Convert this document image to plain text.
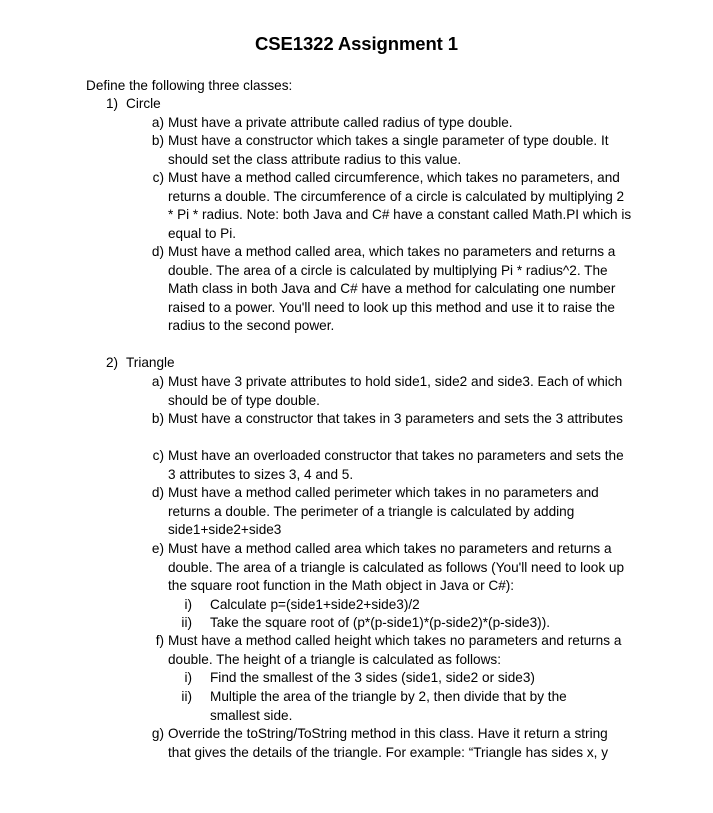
CSE1322 Assignment 1
Define the following three classes:
1) Circle
a) Must have a private attribute called radius of type double.
b) Must have a constructor which takes a single parameter of type double. It should set the class attribute radius to this value.
c) Must have a method called circumference, which takes no parameters, and returns a double. The circumference of a circle is calculated by multiplying 2 * Pi * radius. Note: both Java and C# have a constant called Math.PI which is equal to Pi.
d) Must have a method called area, which takes no parameters and returns a double. The area of a circle is calculated by multiplying Pi * radius^2. The Math class in both Java and C# have a method for calculating one number raised to a power. You'll need to look up this method and use it to raise the radius to the second power.
2) Triangle
a) Must have 3 private attributes to hold side1, side2 and side3. Each of which should be of type double.
b) Must have a constructor that takes in 3 parameters and sets the 3 attributes
c) Must have an overloaded constructor that takes no parameters and sets the 3 attributes to sizes 3, 4 and 5.
d) Must have a method called perimeter which takes in no parameters and returns a double. The perimeter of a triangle is calculated by adding side1+side2+side3
e) Must have a method called area which takes no parameters and returns a double. The area of a triangle is calculated as follows (You'll need to look up the square root function in the Math object in Java or C#):
i) Calculate p=(side1+side2+side3)/2
ii) Take the square root of (p*(p-side1)*(p-side2)*(p-side3)).
f) Must have a method called height which takes no parameters and returns a double. The height of a triangle is calculated as follows:
i) Find the smallest of the 3 sides (side1, side2 or side3)
ii) Multiple the area of the triangle by 2, then divide that by the smallest side.
g) Override the toString/ToString method in this class. Have it return a string that gives the details of the triangle. For example: “Triangle has sides x, y
